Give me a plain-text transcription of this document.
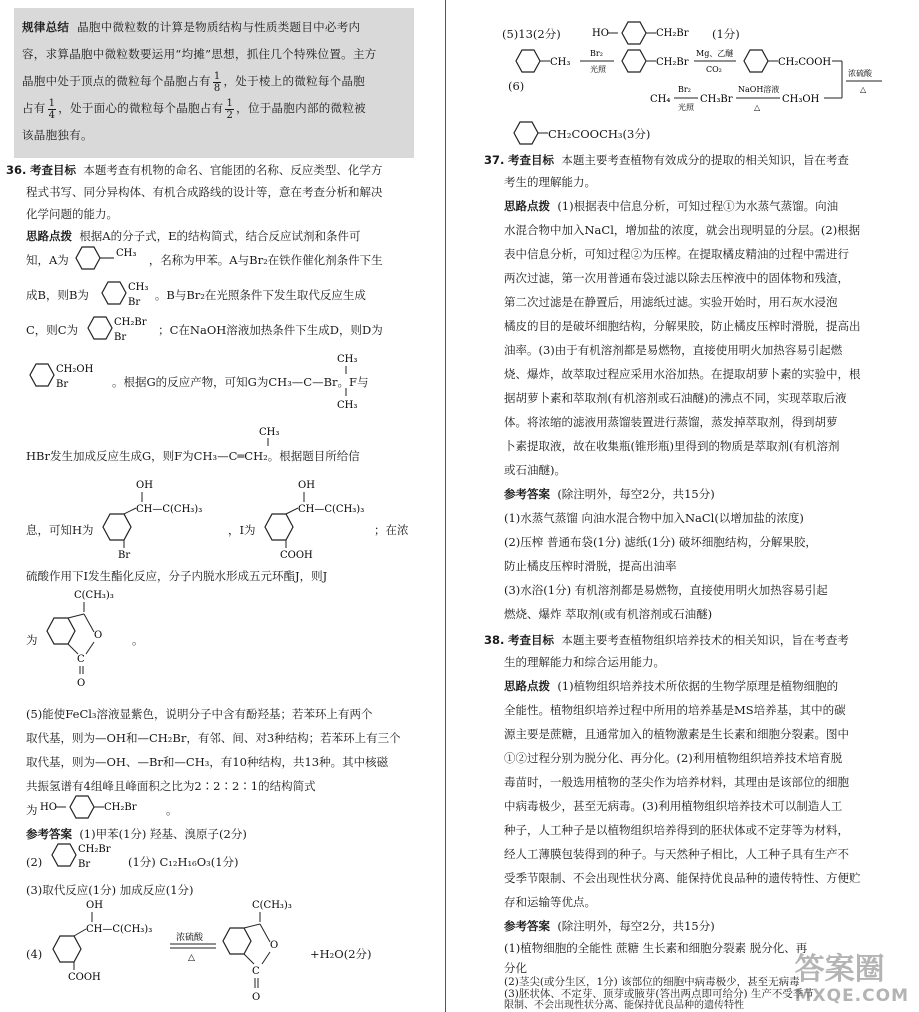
规律总结 晶胞中微粒数的计算是物质结构与性质类题目中必考内
容，求算晶胞中微粒数要运用“均摊”思想，抓住几个特殊位置。主方
晶胞中处于顶点的微粒每个晶胞占有 $\frac{1}{8}$ ，处于棱上的微粒每个晶胞
占有 $\frac{1}{4}$ ，处于面心的微粒每个晶胞占有 $\frac{1}{2}$ ，位于晶胞内部的微粒被
该晶胞独有。
36. 考查目标 本题考查有机物的命名、官能团的名称、反应类型、化学方
程式书写、同分异构体、有机合成路线的设计等，意在考查分析和解决
化学问题的能力。
思路点拨 根据A的分子式，E的结构简式，结合反应试剂和条件可
知，A为	，名称为甲苯。A与Br₂在铁作催化剂条件下生
CH₃
成B，则B为	。B与Br₂在光照条件下发生取代反应生成
CH₃
Br
C，则C为	；C在NaOH溶液加热条件下生成D，则D为
CH₂Br
Br
CH₂OH
Br	。根据G的反应产物，可知G为CH₃—C—Br。F与
CH₃
CH₃
HBr发生加成反应生成G，则F为CH₃—C═CH₂。根据题目所给信
CH₃
息，可知H为
OH
CH—C(CH₃)₃
Br
，I为
OH
CH—C(CH₃)₃
COOH
；在浓
硫酸作用下I发生酯化反应，分子内脱水形成五元环酯J，则J
为
C(CH₃)₃
O
C
O
。
(5)能使FeCl₃溶液显紫色，说明分子中含有酚羟基；若苯环上有两个
取代基，则为—OH和—CH₂Br，有邻、间、对3种结构；若苯环上有三个
取代基，则为—OH、—Br和—CH₃，有10种结构，共13种。其中核磁
共振氢谱有4组峰且峰面积之比为2∶2∶2∶1的结构简式
为 HO	CH₂Br	。
参考答案 (1)甲苯(1分) 羟基、溴原子(2分)
(2)
CH₂Br
Br	(1分) C₁₂H₁₆O₃(1分)
(3)取代反应(1分) 加成反应(1分)
(4)
OH
CH—C(CH₃)₃
COOH
浓硫酸
△
C(CH₃)₃
O
C
O
+H₂O(2分)
(5)13(2分)	HO	CH₂Br (1分)
(6)
CH₃
Br₂
光照
CH₂Br
Mg、乙醚
CO₂
CH₂COOH
浓硫酸
△
CH₄
Br₂
光照
CH₃Br
NaOH溶液
△
CH₃OH
CH₂COOCH₃(3分)
37. 考查目标 本题主要考查植物有效成分的提取的相关知识，旨在考查
考生的理解能力。
思路点拨 (1)根据表中信息分析，可知过程①为水蒸气蒸馏。向油
水混合物中加入NaCl，增加盐的浓度，就会出现明显的分层。(2)根据
表中信息分析，可知过程②为压榨。在提取橘皮精油的过程中需进行
两次过滤，第一次用普通布袋过滤以除去压榨液中的固体物和残渣，
第二次过滤是在静置后，用滤纸过滤。实验开始时，用石灰水浸泡
橘皮的目的是破坏细胞结构，分解果胶，防止橘皮压榨时滑脱，提高出
油率。(3)由于有机溶剂都是易燃物，直接使用明火加热容易引起燃
烧、爆炸，故萃取过程应采用水浴加热。在提取胡萝卜素的实验中，根
据胡萝卜素和萃取剂(有机溶剂或石油醚)的沸点不同，实现萃取后液
体。将浓缩的滤液用蒸馏装置进行蒸馏，蒸发掉萃取剂，得到胡萝
卜素提取液，故在收集瓶(锥形瓶)里得到的物质是萃取剂(有机溶剂
或石油醚)。
参考答案 (除注明外，每空2分，共15分)
(1)水蒸气蒸馏 向油水混合物中加入NaCl(以增加盐的浓度)
(2)压榨 普通布袋(1分) 滤纸(1分) 破坏细胞结构，分解果胶，
防止橘皮压榨时滑脱，提高出油率
(3)水浴(1分) 有机溶剂都是易燃物，直接使用明火加热容易引起
燃烧、爆炸 萃取剂(或有机溶剂或石油醚)
38. 考查目标 本题主要考查植物组织培养技术的相关知识，旨在考查考
生的理解能力和综合运用能力。
思路点拨 (1)植物组织培养技术所依据的生物学原理是植物细胞的
全能性。植物组织培养过程中所用的培养基是MS培养基，其中的碳
源主要是蔗糖，且通常加入的植物激素是生长素和细胞分裂素。图中
①②过程分别为脱分化、再分化。(2)利用植物组织培养技术培育脱
毒苗时，一般选用植物的茎尖作为培养材料，其理由是该部位的细胞
中病毒极少，甚至无病毒。(3)利用植物组织培养技术可以制造人工
种子，人工种子是以植物组织培养得到的胚状体或不定芽等为材料，
经人工薄膜包装得到的种子。与天然种子相比，人工种子具有生产不
受季节限制、不会出现性状分离、能保持优良品种的遗传特性、方便贮
存和运输等优点。
参考答案 (除注明外，每空2分，共15分)
(1)植物细胞的全能性 蔗糖 生长素和细胞分裂素 脱分化、再
分化
(2)茎尖(或分生区，1分) 该部位的细胞中病毒极少，甚至无病毒
(3)胚状体、不定芽、顶芽或腋芽(答出两点即可给分) 生产不受季节
限制、不会出现性状分离、能保持优良品种的遗传特性
答案圈
MXQE.COM
